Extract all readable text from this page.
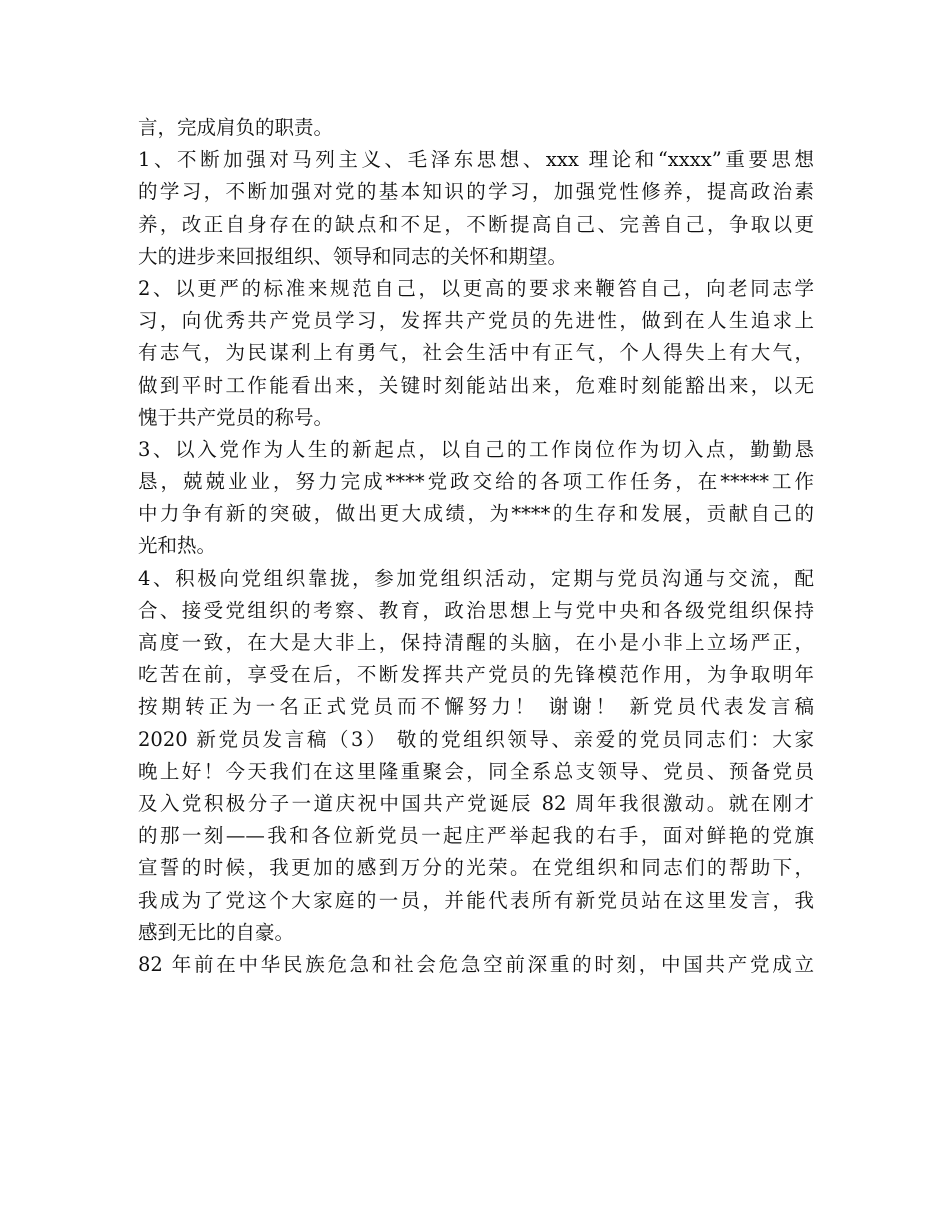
言，完成肩负的职责。
1、不断加强对马列主义、毛泽东思想、xxx 理论和“xxxx”重要思想
的学习，不断加强对党的基本知识的学习，加强党性修养，提高政治素
养，改正自身存在的缺点和不足，不断提高自己、完善自己，争取以更
大的进步来回报组织、领导和同志的关怀和期望。
2、以更严的标准来规范自己，以更高的要求来鞭笞自己，向老同志学
习，向优秀共产党员学习，发挥共产党员的先进性，做到在人生追求上
有志气，为民谋利上有勇气，社会生活中有正气，个人得失上有大气，
做到平时工作能看出来，关键时刻能站出来，危难时刻能豁出来，以无
愧于共产党员的称号。
3、以入党作为人生的新起点，以自己的工作岗位作为切入点，勤勤恳
恳，兢兢业业，努力完成****党政交给的各项工作任务，在*****工作
中力争有新的突破，做出更大成绩，为****的生存和发展，贡献自己的
光和热。
4、积极向党组织靠拢，参加党组织活动，定期与党员沟通与交流，配
合、接受党组织的考察、教育，政治思想上与党中央和各级党组织保持
高度一致，在大是大非上，保持清醒的头脑，在小是小非上立场严正，
吃苦在前，享受在后，不断发挥共产党员的先锋模范作用，为争取明年
按期转正为一名正式党员而不懈努力！ 谢谢！ 新党员代表发言稿
2020 新党员发言稿（3） 敬的党组织领导、亲爱的党员同志们：大家
晚上好！今天我们在这里隆重聚会，同全系总支领导、党员、预备党员
及入党积极分子一道庆祝中国共产党诞辰 82 周年我很激动。就在刚才
的那一刻——我和各位新党员一起庄严举起我的右手，面对鲜艳的党旗
宣誓的时候，我更加的感到万分的光荣。在党组织和同志们的帮助下，
我成为了党这个大家庭的一员，并能代表所有新党员站在这里发言，我
感到无比的自豪。
82 年前在中华民族危急和社会危急空前深重的时刻，中国共产党成立
